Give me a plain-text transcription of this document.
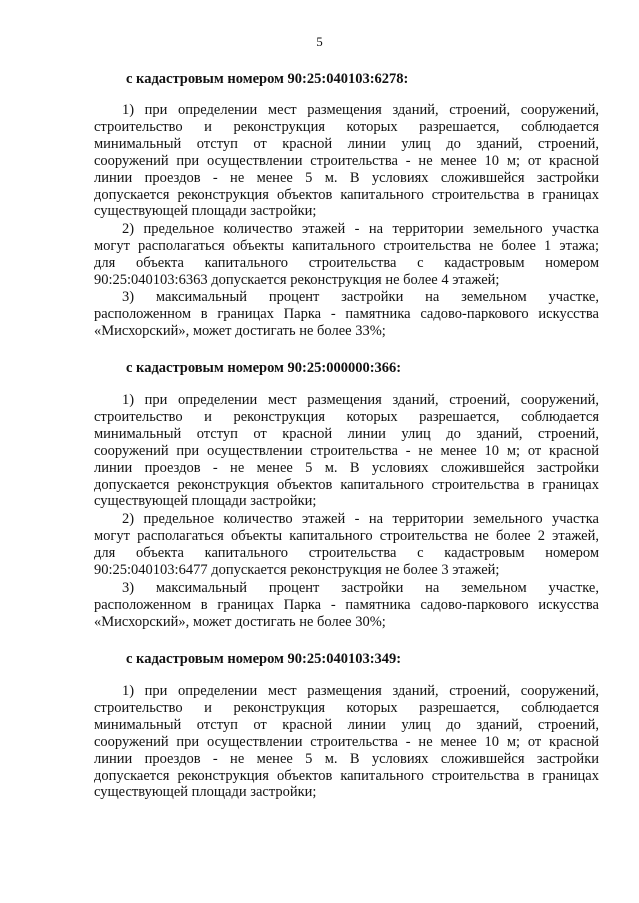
5
с кадастровым номером 90:25:040103:6278:
1) при определении мест размещения зданий, строений, сооружений,
строительство и реконструкция которых разрешается, соблюдается
минимальный отступ от красной линии улиц до зданий, строений,
сооружений при осуществлении строительства - не менее 10 м; от красной
линии проездов - не менее 5 м. В условиях сложившейся застройки
допускается реконструкция объектов капитального строительства в границах
существующей площади застройки;
2) предельное количество этажей - на территории земельного участка
могут располагаться объекты капитального строительства не более 1 этажа;
для объекта капитального строительства с кадастровым номером
90:25:040103:6363 допускается реконструкция не более 4 этажей;
3) максимальный процент застройки на земельном участке,
расположенном в границах Парка - памятника садово-паркового искусства
«Мисхорский», может достигать не более 33%;
с кадастровым номером 90:25:000000:366:
1) при определении мест размещения зданий, строений, сооружений,
строительство и реконструкция которых разрешается, соблюдается
минимальный отступ от красной линии улиц до зданий, строений,
сооружений при осуществлении строительства - не менее 10 м; от красной
линии проездов - не менее 5 м. В условиях сложившейся застройки
допускается реконструкция объектов капитального строительства в границах
существующей площади застройки;
2) предельное количество этажей - на территории земельного участка
могут располагаться объекты капитального строительства не более 2 этажей,
для объекта капитального строительства с кадастровым номером
90:25:040103:6477 допускается реконструкция не более 3 этажей;
3) максимальный процент застройки на земельном участке,
расположенном в границах Парка - памятника садово-паркового искусства
«Мисхорский», может достигать не более 30%;
с кадастровым номером 90:25:040103:349:
1) при определении мест размещения зданий, строений, сооружений,
строительство и реконструкция которых разрешается, соблюдается
минимальный отступ от красной линии улиц до зданий, строений,
сооружений при осуществлении строительства - не менее 10 м; от красной
линии проездов - не менее 5 м. В условиях сложившейся застройки
допускается реконструкция объектов капитального строительства в границах
существующей площади застройки;
